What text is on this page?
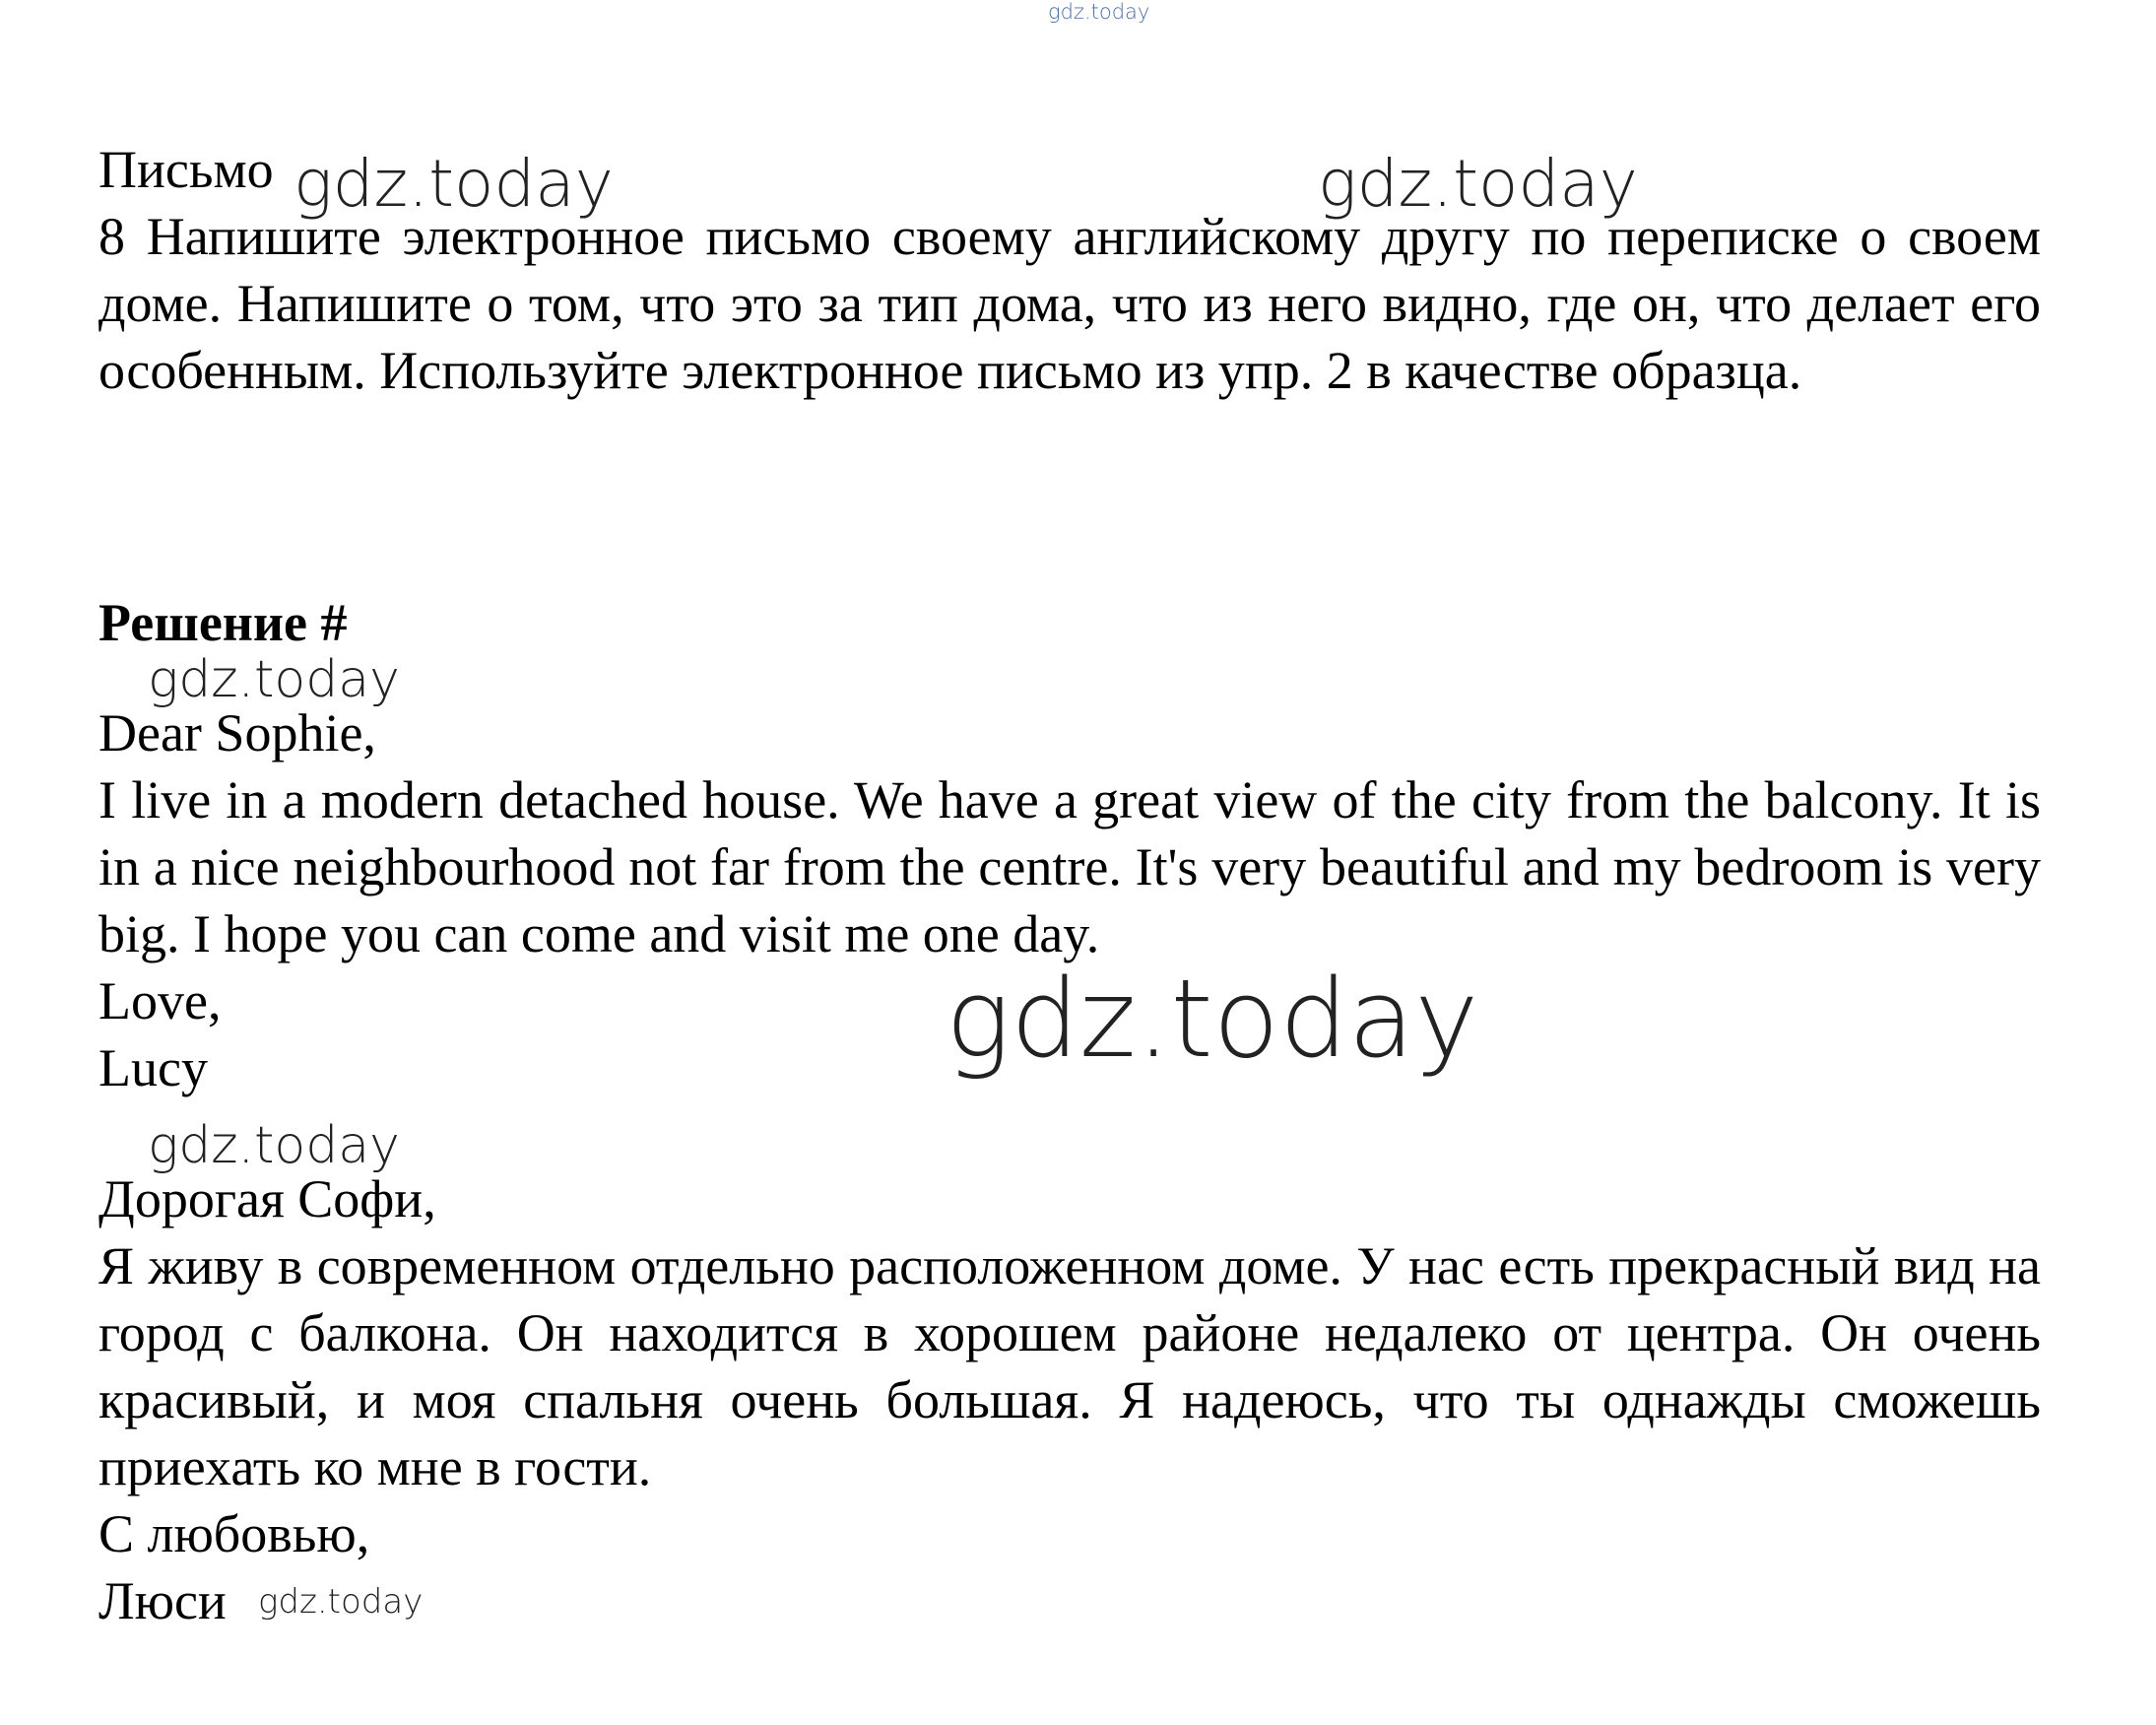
gdz.today
Письмо gdz.today	gdz.today
8 Напишите электронное письмо своему английскому другу по переписке о своем доме. Напишите о том, что это за тип дома, что из него видно, где он, что делает его особенным. Используйте электронное письмо из упр. 2 в качестве образца.
Решение #
gdz.today
Dear Sophie,
I live in a modern detached house. We have a great view of the city from the balcony. It is in a nice neighbourhood not far from the centre. It's very beautiful and my bedroom is very big. I hope you can come and visit me one day.
Love,
Lucy	gdz.today
gdz.today
Дорогая Софи,
Я живу в современном отдельно расположенном доме. У нас есть прекрасный вид на город с балкона. Он находится в хорошем районе недалеко от центра. Он очень красивый, и моя спальня очень большая. Я надеюсь, что ты однажды сможешь приехать ко мне в гости.
С любовью,
Люси gdz.today
